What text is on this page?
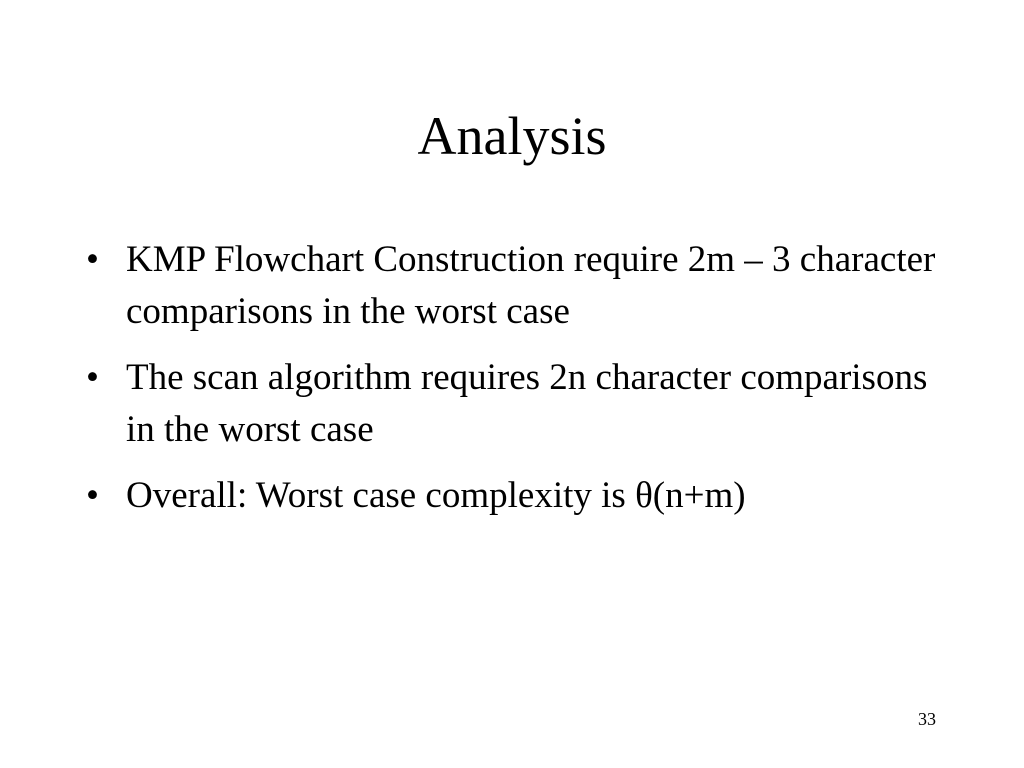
Analysis
• KMP Flowchart Construction require 2m – 3 character comparisons in the worst case
• The scan algorithm requires 2n character comparisons in the worst case
• Overall: Worst case complexity is θ(n+m)
33
